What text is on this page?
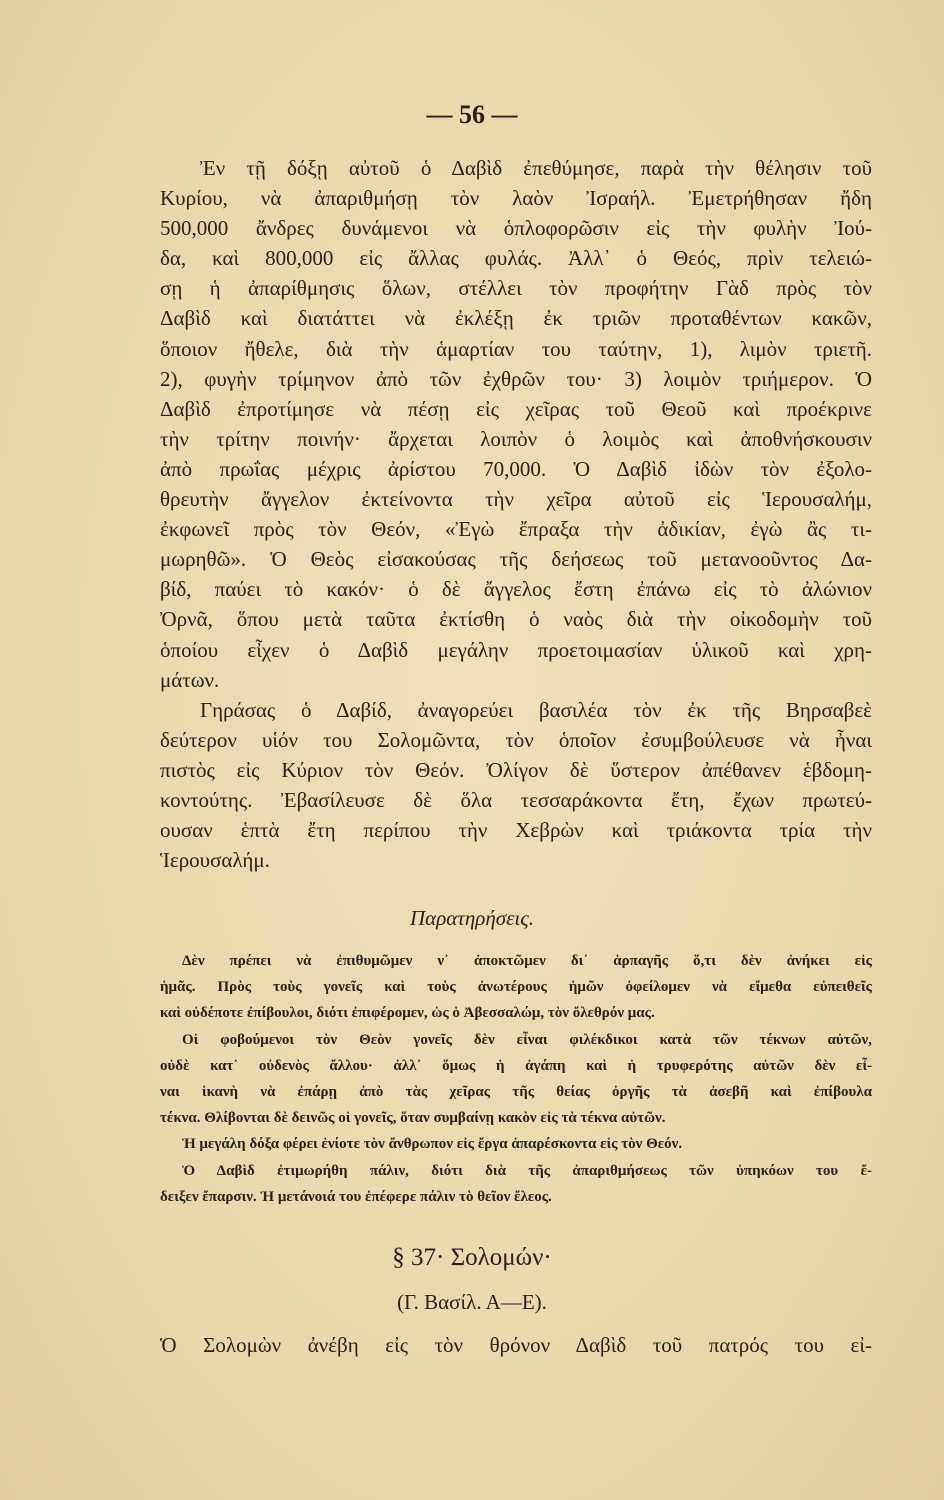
— 56 —
Ἐν τῇ δόξῃ αὐτοῦ ὁ Δαβὶδ ἐπεθύμησε, παρὰ τὴν θέλησιν τοῦ
Κυρίου, νὰ ἀπαριθμήσῃ τὸν λαὸν Ἰσραήλ. Ἐμετρήθησαν ἤδη
500,000 ἄνδρες δυνάμενοι νὰ ὁπλοφορῶσιν εἰς τὴν φυλὴν Ἰού-
δα, καὶ 800,000 εἰς ἄλλας φυλάς. Ἀλλ᾽ ὁ Θεός, πρὶν τελειώ-
σῃ ἡ ἀπαρίθμησις ὅλων, στέλλει τὸν προφήτην Γὰδ πρὸς τὸν
Δαβὶδ καὶ διατάττει νὰ ἐκλέξῃ ἐκ τριῶν προταθέντων κακῶν,
ὅποιον ἤθελε, διὰ τὴν ἁμαρτίαν του ταύτην, 1), λιμὸν τριετῆ.
2), φυγὴν τρίμηνον ἀπὸ τῶν ἐχθρῶν του· 3) λοιμὸν τριήμερον. Ὁ
Δαβὶδ ἐπροτίμησε νὰ πέσῃ εἰς χεῖρας τοῦ Θεοῦ καὶ προέκρινε
τὴν τρίτην ποινήν· ἄρχεται λοιπὸν ὁ λοιμὸς καὶ ἀποθνήσκουσιν
ἀπὸ πρωΐας μέχρις ἀρίστου 70,000. Ὁ Δαβὶδ ἰδὼν τὸν ἐξολο-
θρευτὴν ἄγγελον ἐκτείνοντα τὴν χεῖρα αὐτοῦ εἰς Ἱερουσαλήμ,
ἐκφωνεῖ πρὸς τὸν Θεόν, «Ἐγὼ ἔπραξα τὴν ἀδικίαν, ἐγὼ ἂς τι-
μωρηθῶ». Ὁ Θεὸς εἰσακούσας τῆς δεήσεως τοῦ μετανοοῦντος Δα-
βίδ, παύει τὸ κακόν· ὁ δὲ ἄγγελος ἔστη ἐπάνω εἰς τὸ ἀλώνιον
Ὀρνᾶ, ὅπου μετὰ ταῦτα ἐκτίσθη ὁ ναὸς διὰ τὴν οἰκοδομὴν τοῦ
ὁποίου εἶχεν ὁ Δαβὶδ μεγάλην προετοιμασίαν ὑλικοῦ καὶ χρη-
μάτων.
Γηράσας ὁ Δαβίδ, ἀναγορεύει βασιλέα τὸν ἐκ τῆς Βηρσαβεὲ
δεύτερον υἱόν του Σολομῶντα, τὸν ὁποῖον ἐσυμβούλευσε νὰ ἦναι
πιστὸς εἰς Κύριον τὸν Θεόν. Ὀλίγον δὲ ὕστερον ἀπέθανεν ἑβδομη-
κοντούτης. Ἐβασίλευσε δὲ ὅλα τεσσαράκοντα ἔτη, ἔχων πρωτεύ-
ουσαν ἑπτὰ ἔτη περίπου τὴν Χεβρὼν καὶ τριάκοντα τρία τὴν
Ἱερουσαλήμ.
Παρατηρήσεις.
Δὲν πρέπει νὰ ἐπιθυμῶμεν ν᾽ ἀποκτῶμεν δι᾽ ἁρπαγῆς ὅ,τι δὲν ἀνήκει εἰς
ἡμᾶς. Πρὸς τοὺς γονεῖς καὶ τοὺς ἀνωτέρους ἡμῶν ὀφείλομεν νὰ εἴμεθα εὐπειθεῖς
καὶ οὐδέποτε ἐπίβουλοι, διότι ἐπιφέρομεν, ὡς ὁ Ἀβεσσαλώμ, τὸν ὄλεθρόν μας.
Οἱ φοβούμενοι τὸν Θεὸν γονεῖς δὲν εἶναι φιλέκδικοι κατὰ τῶν τέκνων αὐτῶν,
οὐδὲ κατ᾽ οὐδενὸς ἄλλου· ἀλλ᾽ ὅμως ἡ ἀγάπη καὶ ἡ τρυφερότης αὐτῶν δὲν εἶ-
ναι ἱκανὴ νὰ ἐπάρῃ ἀπὸ τὰς χεῖρας τῆς θείας ὀργῆς τὰ ἀσεβῆ καὶ ἐπίβουλα
τέκνα. Θλίβονται δὲ δεινῶς οἱ γονεῖς, ὅταν συμβαίνῃ κακὸν εἰς τὰ τέκνα αὐτῶν.
Ἡ μεγάλη δόξα φέρει ἐνίοτε τὸν ἄνθρωπον εἰς ἔργα ἀπαρέσκοντα εἰς τὸν Θεόν.
Ὁ Δαβὶδ ἐτιμωρήθη πάλιν, διότι διὰ τῆς ἀπαριθμήσεως τῶν ὑπηκόων του ἔ-
δειξεν ἔπαρσιν. Ἡ μετάνοιά του ἐπέφερε πάλιν τὸ θεῖον ἔλεος.
§ 37· Σολομών·
(Γ. Βασίλ. Α—Ε).
Ὁ Σολομὼν ἀνέβη εἰς τὸν θρόνον Δαβὶδ τοῦ πατρός του εἰ-
